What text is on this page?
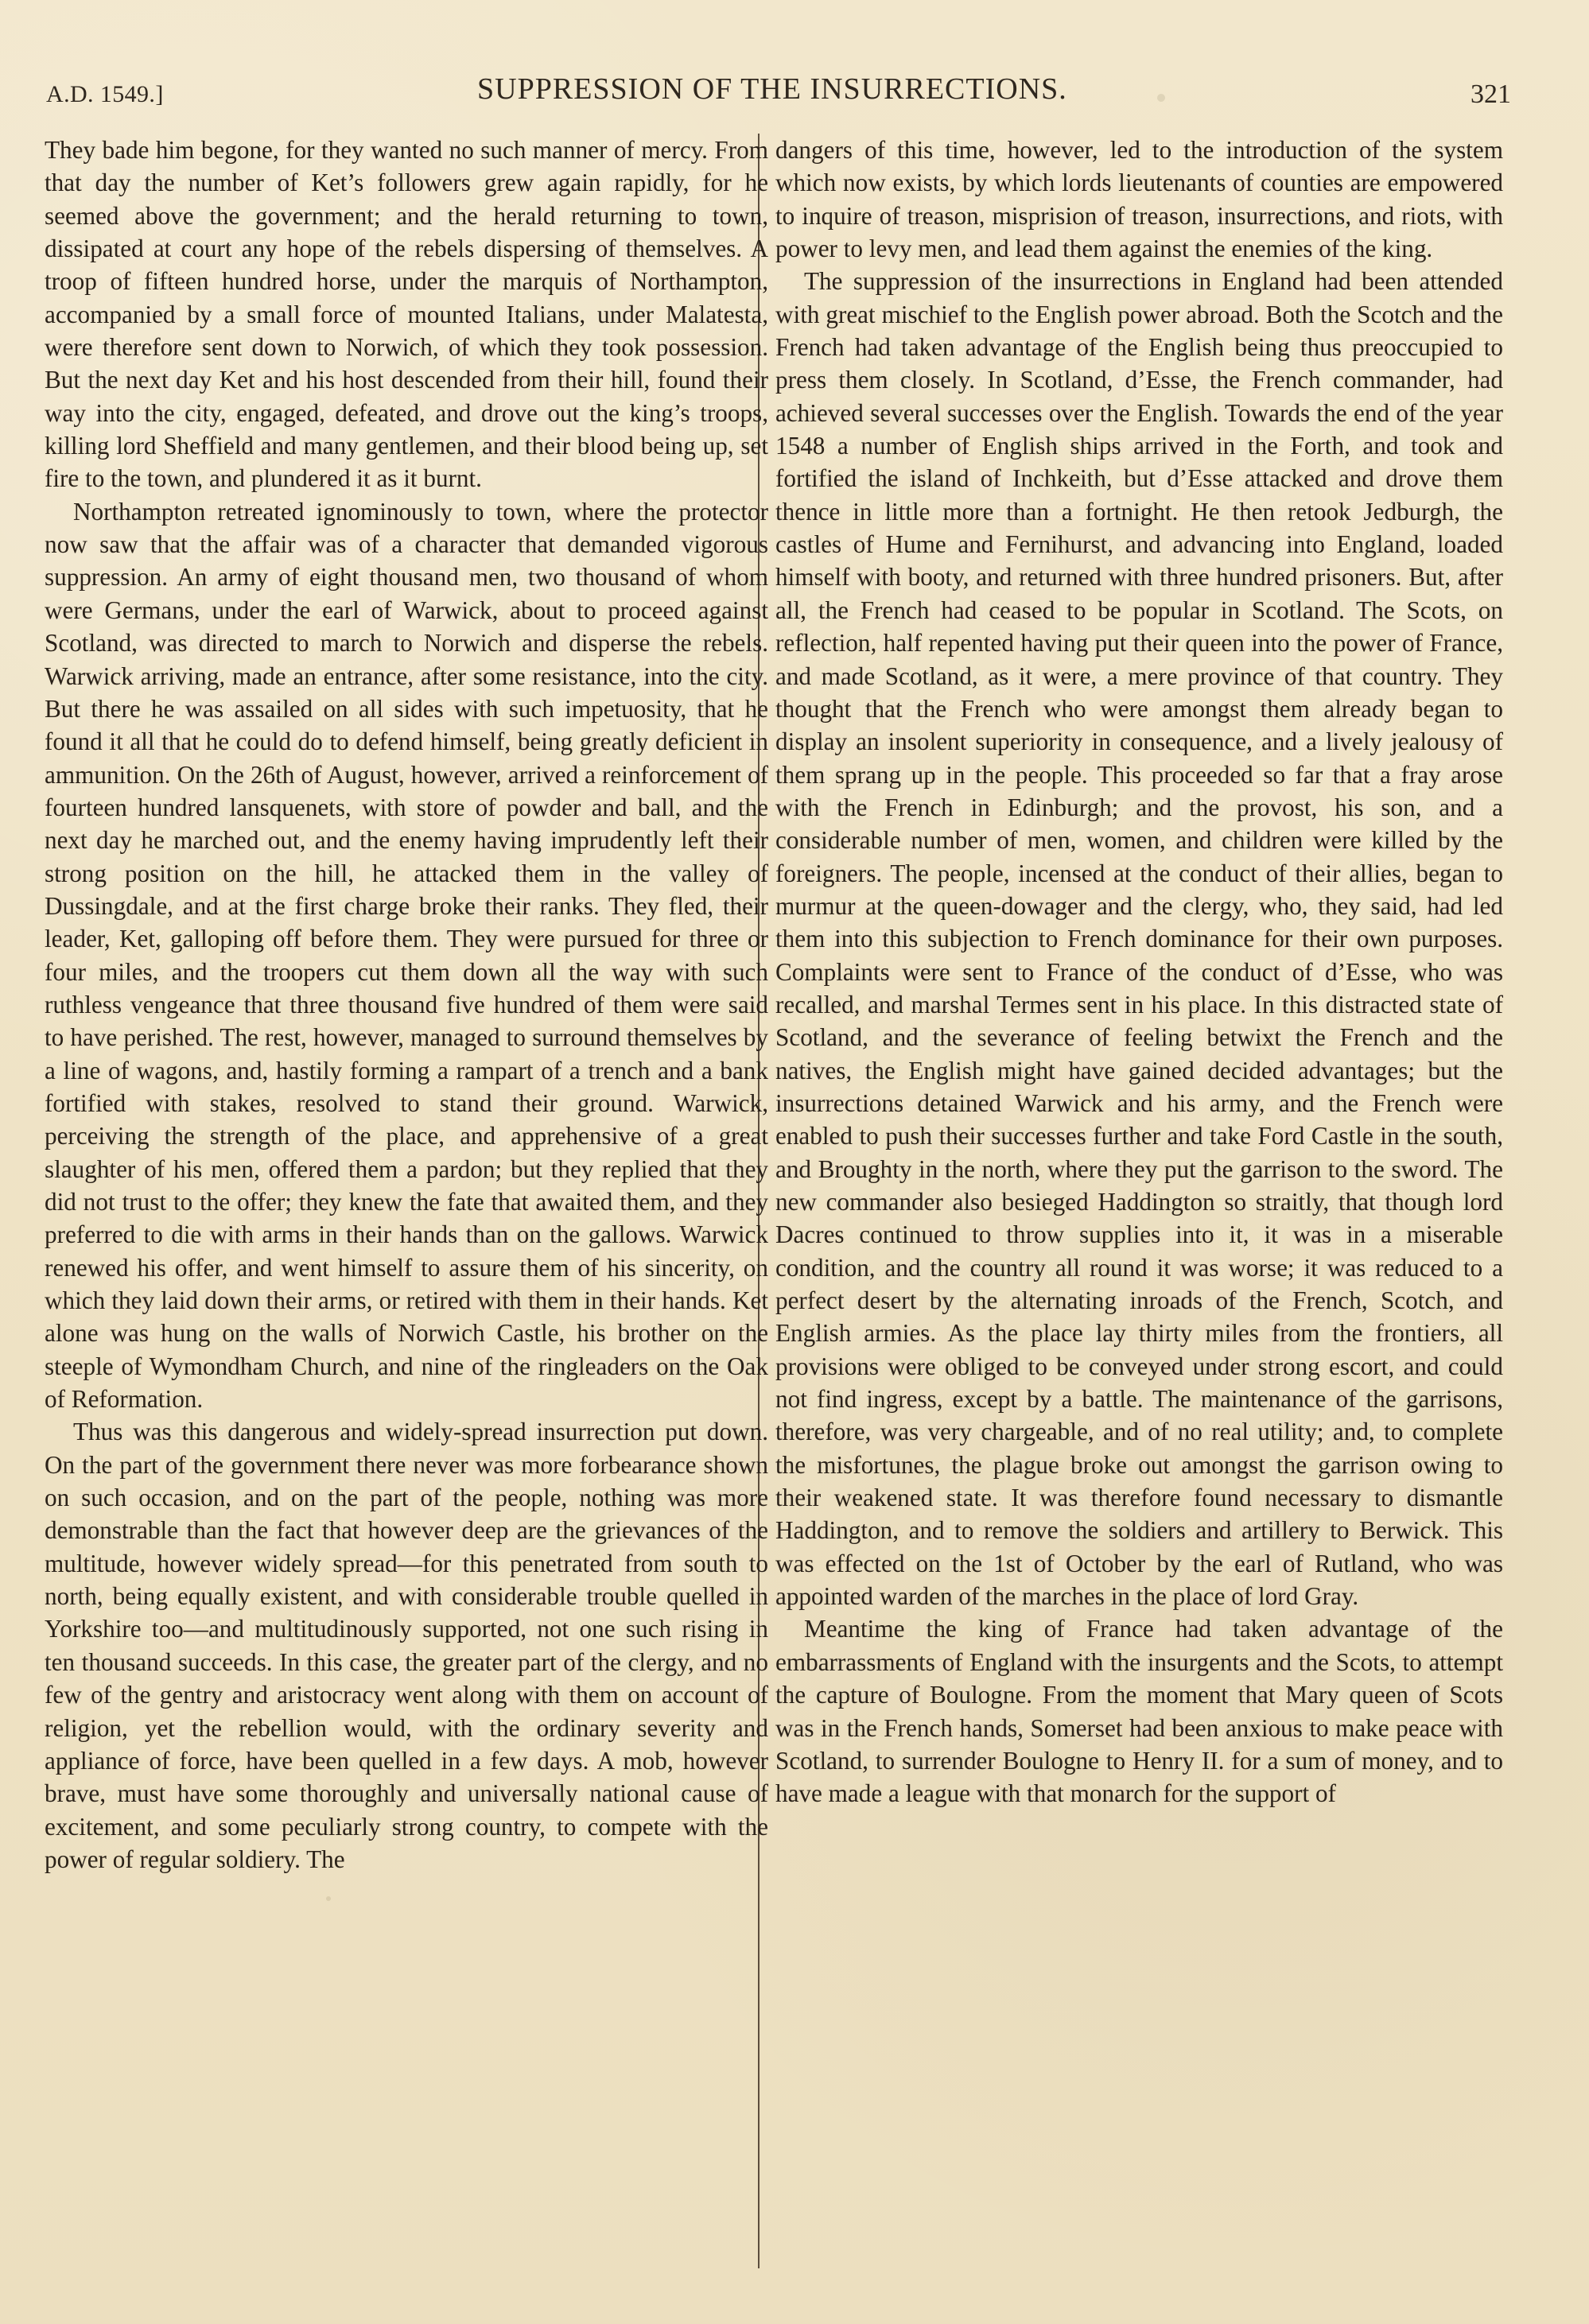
A.D. 1549.]	SUPPRESSION OF THE INSURRECTIONS.	321

They bade him begone, for they wanted no such manner of mercy. From that day the number of Ket’s followers grew again rapidly, for he seemed above the government; and the herald returning to town, dissipated at court any hope of the rebels dispersing of themselves. A troop of fifteen hundred horse, under the marquis of Northampton, accompanied by a small force of mounted Italians, under Malatesta, were therefore sent down to Norwich, of which they took possession. But the next day Ket and his host descended from their hill, found their way into the city, engaged, defeated, and drove out the king’s troops, killing lord Sheffield and many gentlemen, and their blood being up, set fire to the town, and plundered it as it burnt.

Northampton retreated ignominously to town, where the protector now saw that the affair was of a character that demanded vigorous suppression. An army of eight thousand men, two thousand of whom were Germans, under the earl of Warwick, about to proceed against Scotland, was directed to march to Norwich and disperse the rebels. Warwick arriving, made an entrance, after some resistance, into the city. But there he was assailed on all sides with such impetuosity, that he found it all that he could do to defend himself, being greatly deficient in ammunition. On the 26th of August, however, arrived a reinforcement of fourteen hundred lansquenets, with store of powder and ball, and the next day he marched out, and the enemy having imprudently left their strong position on the hill, he attacked them in the valley of Dussingdale, and at the first charge broke their ranks. They fled, their leader, Ket, galloping off before them. They were pursued for three or four miles, and the troopers cut them down all the way with such ruthless vengeance that three thousand five hundred of them were said to have perished. The rest, however, managed to surround themselves by a line of wagons, and, hastily forming a rampart of a trench and a bank fortified with stakes, resolved to stand their ground. Warwick, perceiving the strength of the place, and apprehensive of a great slaughter of his men, offered them a pardon; but they replied that they did not trust to the offer; they knew the fate that awaited them, and they preferred to die with arms in their hands than on the gallows. Warwick renewed his offer, and went himself to assure them of his sincerity, on which they laid down their arms, or retired with them in their hands. Ket alone was hung on the walls of Norwich Castle, his brother on the steeple of Wymondham Church, and nine of the ringleaders on the Oak of Reformation.

Thus was this dangerous and widely-spread insurrection put down. On the part of the government there never was more forbearance shown on such occasion, and on the part of the people, nothing was more demonstrable than the fact that however deep are the grievances of the multitude, however widely spread—for this penetrated from south to north, being equally existent, and with considerable trouble quelled in Yorkshire too—and multitudinously supported, not one such rising in ten thousand succeeds. In this case, the greater part of the clergy, and no few of the gentry and aristocracy went along with them on account of religion, yet the rebellion would, with the ordinary severity and appliance of force, have been quelled in a few days. A mob, however brave, must have some thoroughly and universally national cause of excitement, and some peculiarly strong country, to compete with the power of regular soldiery. The

dangers of this time, however, led to the introduction of the system which now exists, by which lords lieutenants of counties are empowered to inquire of treason, misprision of treason, insurrections, and riots, with power to levy men, and lead them against the enemies of the king.

The suppression of the insurrections in England had been attended with great mischief to the English power abroad. Both the Scotch and the French had taken advantage of the English being thus preoccupied to press them closely. In Scotland, d’Esse, the French commander, had achieved several successes over the English. Towards the end of the year 1548 a number of English ships arrived in the Forth, and took and fortified the island of Inchkeith, but d’Esse attacked and drove them thence in little more than a fortnight. He then retook Jedburgh, the castles of Hume and Fernihurst, and advancing into England, loaded himself with booty, and returned with three hundred prisoners. But, after all, the French had ceased to be popular in Scotland. The Scots, on reflection, half repented having put their queen into the power of France, and made Scotland, as it were, a mere province of that country. They thought that the French who were amongst them already began to display an insolent superiority in consequence, and a lively jealousy of them sprang up in the people. This proceeded so far that a fray arose with the French in Edinburgh; and the provost, his son, and a considerable number of men, women, and children were killed by the foreigners. The people, incensed at the conduct of their allies, began to murmur at the queen-dowager and the clergy, who, they said, had led them into this subjection to French dominance for their own purposes. Complaints were sent to France of the conduct of d’Esse, who was recalled, and marshal Termes sent in his place. In this distracted state of Scotland, and the severance of feeling betwixt the French and the natives, the English might have gained decided advantages; but the insurrections detained Warwick and his army, and the French were enabled to push their successes further and take Ford Castle in the south, and Broughty in the north, where they put the garrison to the sword. The new commander also besieged Haddington so straitly, that though lord Dacres continued to throw supplies into it, it was in a miserable condition, and the country all round it was worse; it was reduced to a perfect desert by the alternating inroads of the French, Scotch, and English armies. As the place lay thirty miles from the frontiers, all provisions were obliged to be conveyed under strong escort, and could not find ingress, except by a battle. The maintenance of the garrisons, therefore, was very chargeable, and of no real utility; and, to complete the misfortunes, the plague broke out amongst the garrison owing to their weakened state. It was therefore found necessary to dismantle Haddington, and to remove the soldiers and artillery to Berwick. This was effected on the 1st of October by the earl of Rutland, who was appointed warden of the marches in the place of lord Gray.

Meantime the king of France had taken advantage of the embarrassments of England with the insurgents and the Scots, to attempt the capture of Boulogne. From the moment that Mary queen of Scots was in the French hands, Somerset had been anxious to make peace with Scotland, to surrender Boulogne to Henry II. for a sum of money, and to have made a league with that monarch for the support of
